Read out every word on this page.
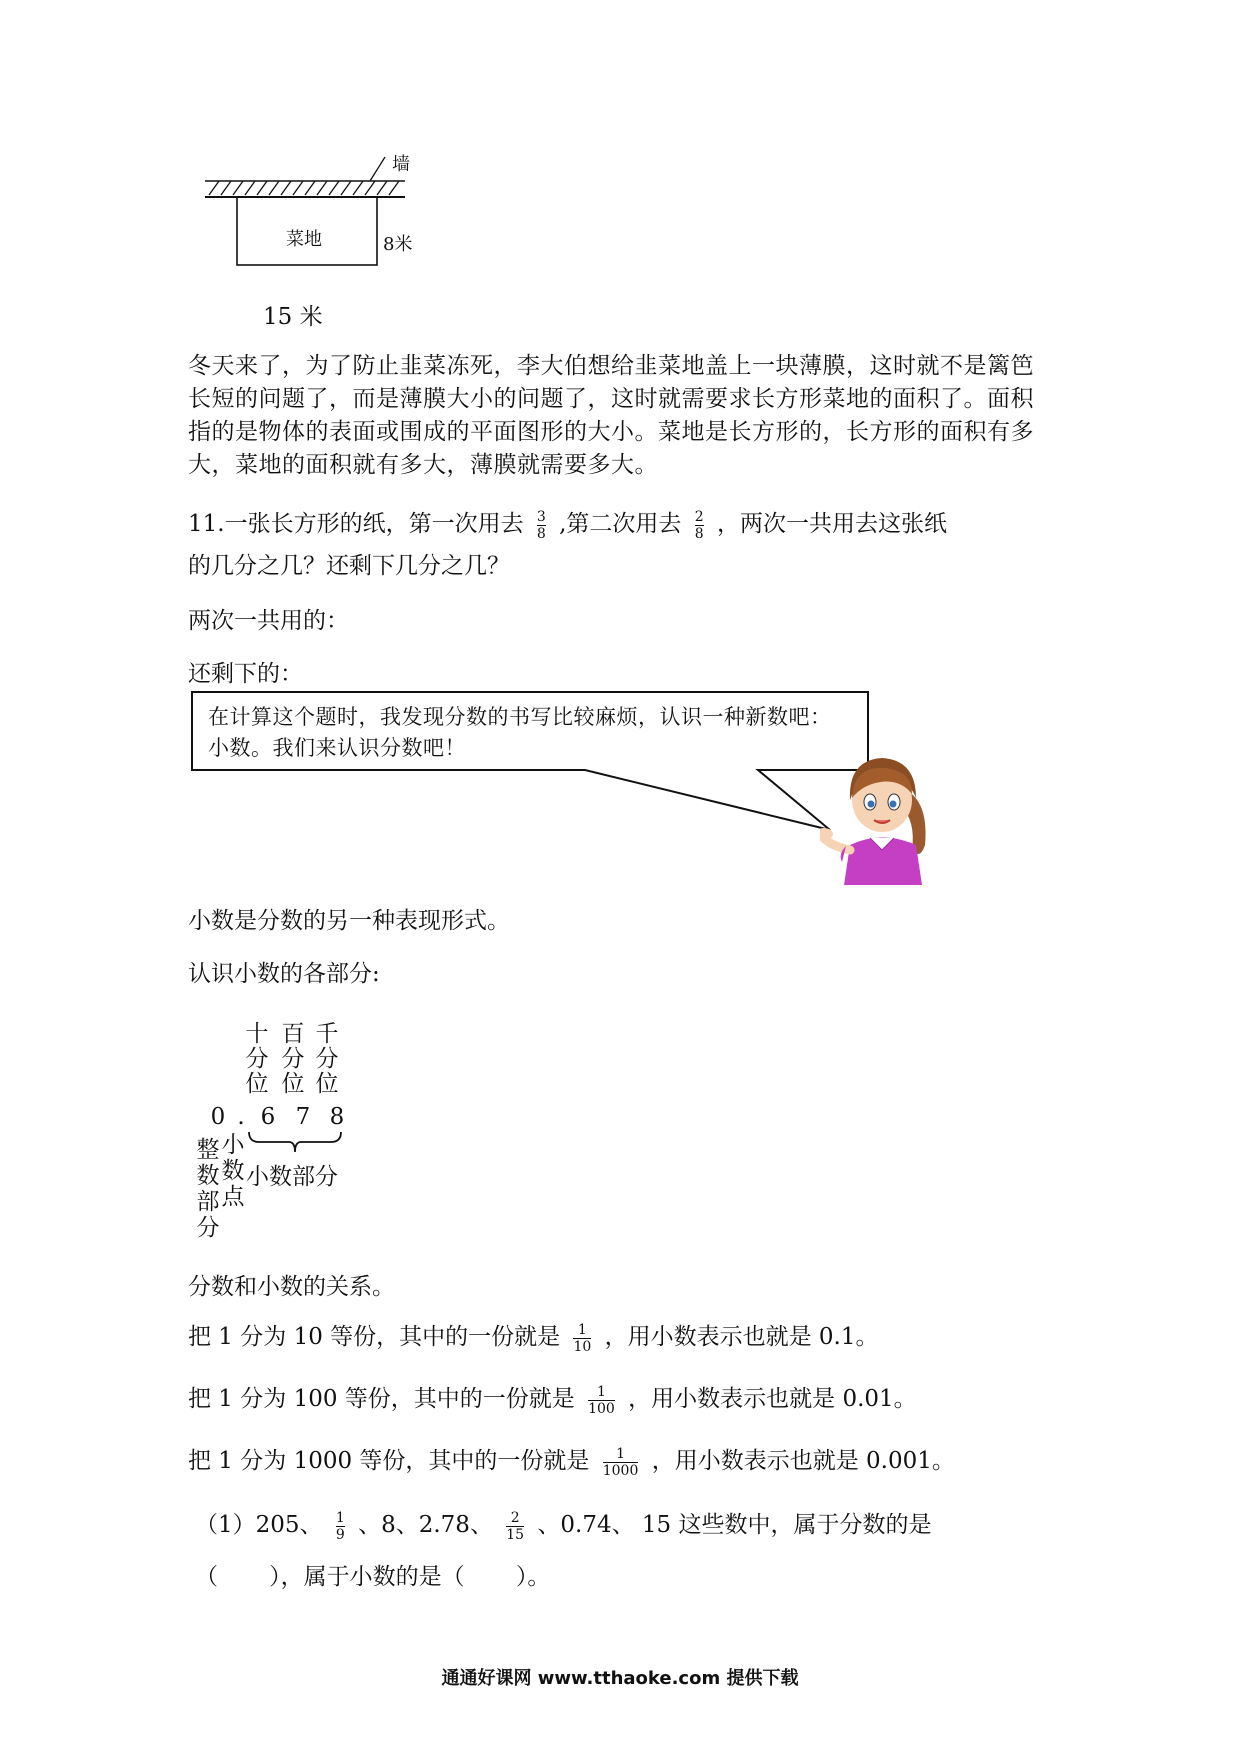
墙
菜地	8米
15 米
冬天来了，为了防止韭菜冻死，李大伯想给韭菜地盖上一块薄膜，这时就不是篱笆长短的问题了，而是薄膜大小的问题了，这时就需要求长方形菜地的面积了。面积指的是物体的表面或围成的平面图形的大小。菜地是长方形的，长方形的面积有多大，菜地的面积就有多大，薄膜就需要多大。
11.一张长方形的纸，第一次用去 $\frac{3}{8}$ ,第二次用去 $\frac{2}{8}$ ，两次一共用去这张纸
的几分之几？还剩下几分之几？
两次一共用的：
还剩下的：
在计算这个题时，我发现分数的书写比较麻烦，认识一种新数吧：小数。我们来认识分数吧！
小数是分数的另一种表现形式。
认识小数的各部分:
十
分
位
百
分
位
千
分
位
0 . 6 7 8
整
数
部
分
小
数
点
小数部分
分数和小数的关系。
把 1 分为 10 等份，其中的一份就是 $\frac{1}{10}$ ，用小数表示也就是 0.1。
把 1 分为 100 等份，其中的一份就是 $\frac{1}{100}$ ，用小数表示也就是 0.01。
把 1 分为 1000 等份，其中的一份就是 $\frac{1}{1000}$ ，用小数表示也就是 0.001。
（1）205、 $\frac{1}{9}$ 、8、2.78、 $\frac{2}{15}$ 、0.74、 15 这些数中，属于分数的是
（       ），属于小数的是（       ）。
通通好课网 www.tthaoke.com 提供下载
